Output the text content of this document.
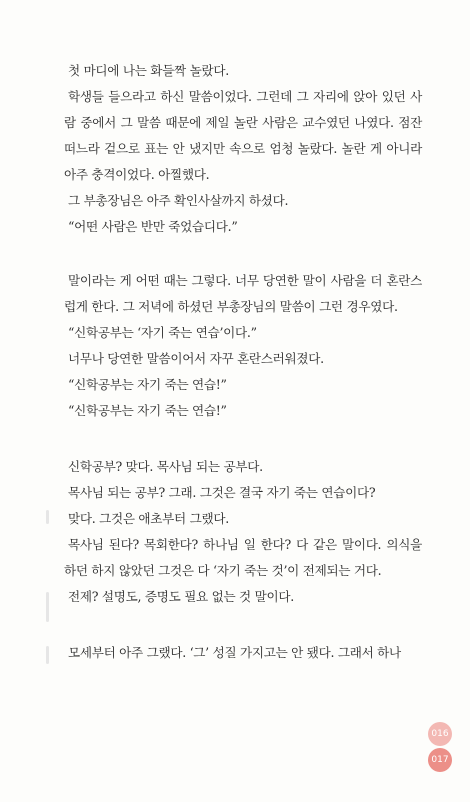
첫 마디에 나는 화들짝 놀랐다.
학생들 들으라고 하신 말씀이었다. 그런데 그 자리에 앉아 있던 사람 중에서 그 말씀 때문에 제일 놀란 사람은 교수였던 나였다. 점잔 떠느라 겉으로 표는 안 냈지만 속으로 엄청 놀랐다. 놀란 게 아니라 아주 충격이었다. 아찔했다.
그 부총장님은 아주 확인사살까지 하셨다.
“어떤 사람은 반만 죽었습디다.”
말이라는 게 어떤 때는 그렇다. 너무 당연한 말이 사람을 더 혼란스럽게 한다. 그 저녁에 하셨던 부총장님의 말씀이 그런 경우였다.
“신학공부는 ‘자기 죽는 연습’이다.”
너무나 당연한 말씀이어서 자꾸 혼란스러워졌다.
“신학공부는 자기 죽는 연습!”
“신학공부는 자기 죽는 연습!”
신학공부? 맞다. 목사님 되는 공부다.
목사님 되는 공부? 그래. 그것은 결국 자기 죽는 연습이다?
맞다. 그것은 애초부터 그랬다.
목사님 된다? 목회한다? 하나님 일 한다? 다 같은 말이다. 의식을 하던 하지 않았던 그것은 다 ‘자기 죽는 것’이 전제되는 거다.
전제? 설명도, 증명도 필요 없는 것 말이다.
모세부터 아주 그랬다. ‘그’ 성질 가지고는 안 됐다. 그래서 하나
016
017
